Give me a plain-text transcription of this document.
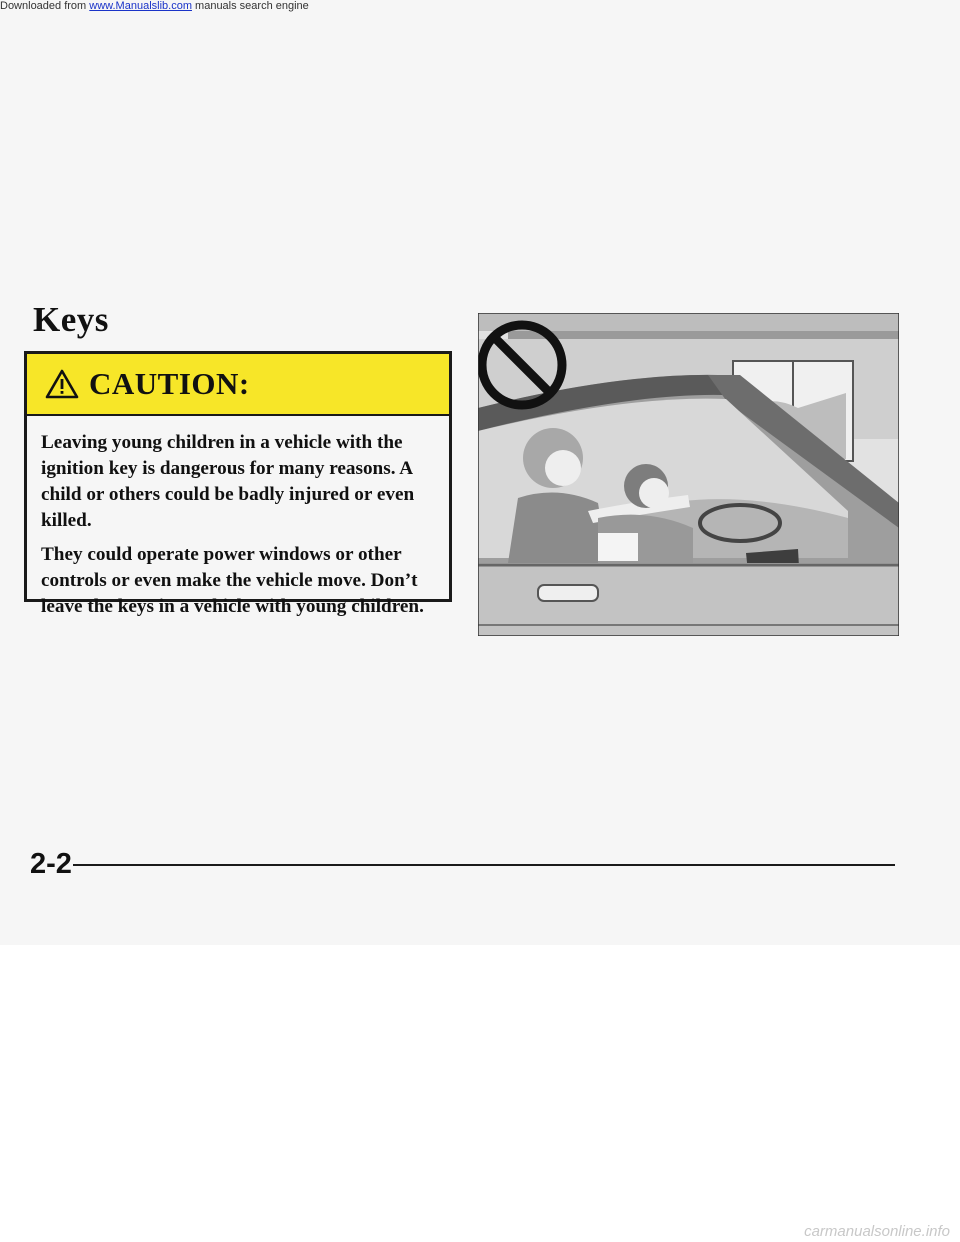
Downloaded from www.Manualslib.com manuals search engine
Keys
CAUTION:

Leaving young children in a vehicle with the ignition key is dangerous for many reasons. A child or others could be badly injured or even killed.

They could operate power windows or other controls or even make the vehicle move. Don’t leave the keys in a vehicle with young children.

2-2
carmanualsonline.info
